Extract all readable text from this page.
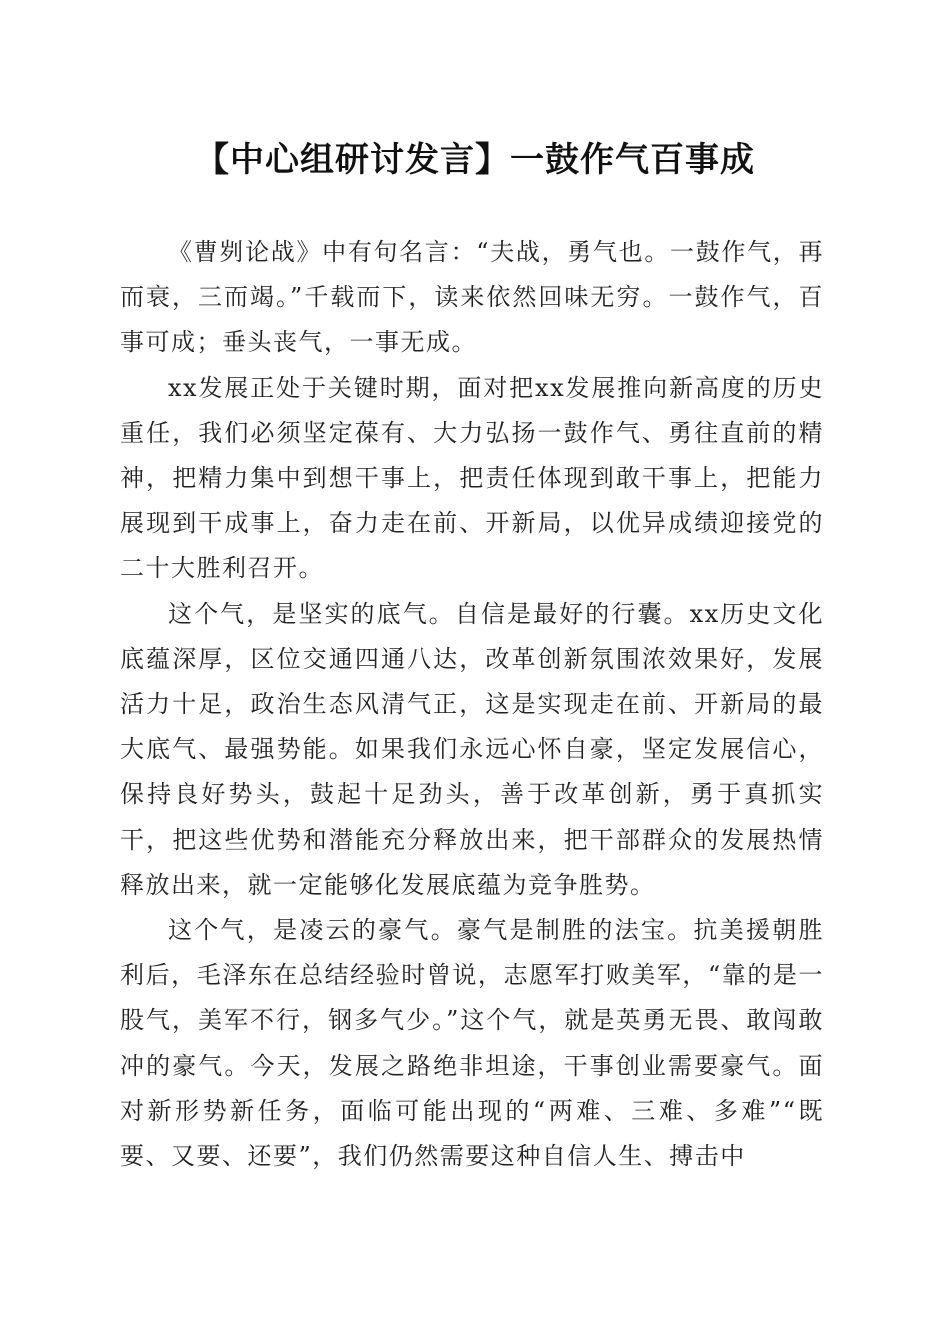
【中心组研讨发言】一鼓作气百事成

《曹刿论战》中有句名言：“夫战，勇气也。一鼓作气，再而衰，三而竭。”千载而下，读来依然回味无穷。一鼓作气，百事可成；垂头丧气，一事无成。

xx发展正处于关键时期，面对把xx发展推向新高度的历史重任，我们必须坚定葆有、大力弘扬一鼓作气、勇往直前的精神，把精力集中到想干事上，把责任体现到敢干事上，把能力展现到干成事上，奋力走在前、开新局，以优异成绩迎接党的二十大胜利召开。

这个气，是坚实的底气。自信是最好的行囊。xx历史文化底蕴深厚，区位交通四通八达，改革创新氛围浓效果好，发展活力十足，政治生态风清气正，这是实现走在前、开新局的最大底气、最强势能。如果我们永远心怀自豪，坚定发展信心，保持良好势头，鼓起十足劲头，善于改革创新，勇于真抓实干，把这些优势和潜能充分释放出来，把干部群众的发展热情释放出来，就一定能够化发展底蕴为竞争胜势。

这个气，是凌云的豪气。豪气是制胜的法宝。抗美援朝胜利后，毛泽东在总结经验时曾说，志愿军打败美军，“靠的是一股气，美军不行，钢多气少。”这个气，就是英勇无畏、敢闯敢冲的豪气。今天，发展之路绝非坦途，干事创业需要豪气。面对新形势新任务，面临可能出现的“两难、三难、多难”“既要、又要、还要”，我们仍然需要这种自信人生、搏击中
